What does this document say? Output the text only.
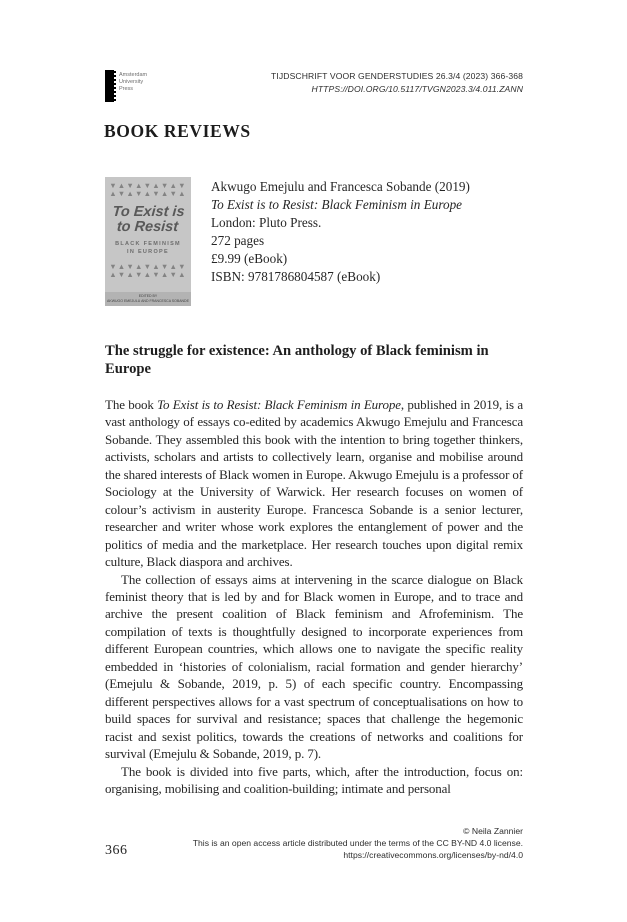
Amsterdam
University
Press
TIJDSCHRIFT VOOR GENDERSTUDIES 26.3/4 (2023) 366-368
HTTPS://DOI.ORG/10.5117/TVGN2023.3/4.011.ZANN
BOOK REVIEWS
▼▲▼▲▼▲▼▲▼
▲▼▲▼▲▼▲▼▲
To Exist is
to Resist
BLACK FEMINISM
IN EUROPE
▼▲▼▲▼▲▼▲▼
▲▼▲▼▲▼▲▼▲
EDITED BY
AKWUGO EMEJULU AND FRANCESCA SOBANDE
Akwugo Emejulu and Francesca Sobande (2019)
To Exist is to Resist: Black Feminism in Europe
London: Pluto Press.
272 pages
£9.99 (eBook)
ISBN: 9781786804587 (eBook)
The struggle for existence: An anthology of Black feminism in Europe

The book To Exist is to Resist: Black Feminism in Europe, published in 2019, is a vast anthology of essays co-edited by academics Akwugo Emejulu and Francesca Sobande. They assembled this book with the intention to bring together thinkers, activists, scholars and artists to collectively learn, organise and mobilise around the shared interests of Black women in Europe. Akwugo Emejulu is a professor of Sociology at the University of Warwick. Her research focuses on women of colour’s activism in austerity Europe. Francesca Sobande is a senior lecturer, researcher and writer whose work explores the entanglement of power and the politics of media and the marketplace. Her research touches upon digital remix culture, Black diaspora and archives.

The collection of essays aims at intervening in the scarce dialogue on Black feminist theory that is led by and for Black women in Europe, and to trace and archive the present coalition of Black feminism and Afrofeminism. The compilation of texts is thoughtfully designed to incorporate experiences from different European countries, which allows one to navigate the specific reality embedded in ‘histories of colonialism, racial formation and gender hierarchy’ (Emejulu & Sobande, 2019, p. 5) of each specific country. Encompassing different perspectives allows for a vast spectrum of conceptualisations on how to build spaces for survival and resistance; spaces that challenge the hegemonic racist and sexist politics, towards the creations of networks and coalitions for survival (Emejulu & Sobande, 2019, p. 7).

The book is divided into five parts, which, after the introduction, focus on: organising, mobilising and coalition-building; intimate and personal

© Neila Zannier
This is an open access article distributed under the terms of the CC BY-ND 4.0 license.
https://creativecommons.org/licenses/by-nd/4.0
366
